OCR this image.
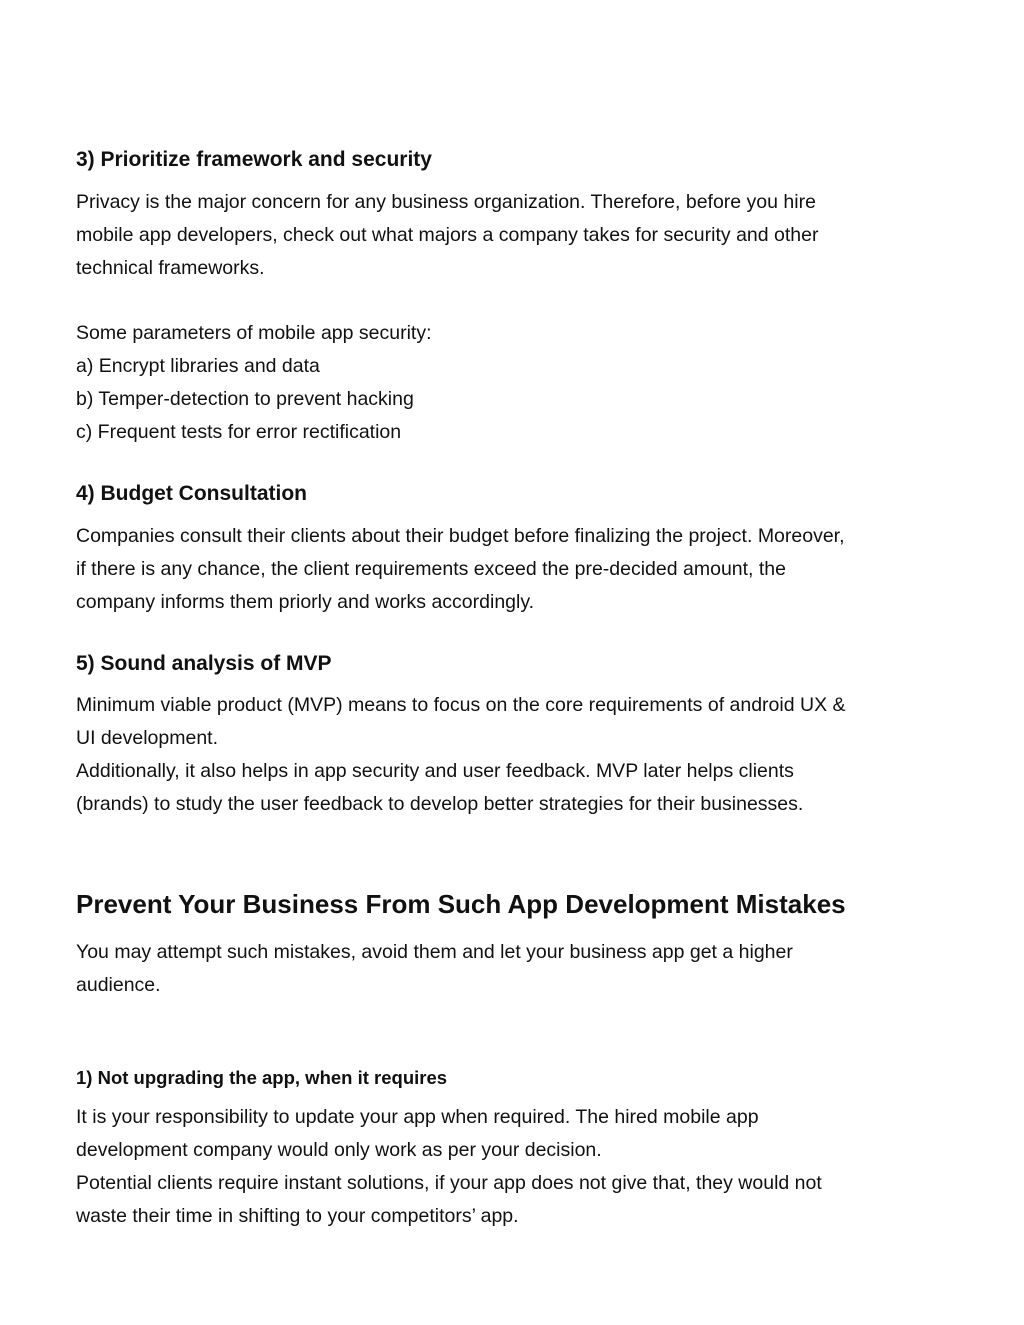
3) Prioritize framework and security

Privacy is the major concern for any business organization. Therefore, before you hire

mobile app developers, check out what majors a company takes for security and other

technical frameworks.

Some parameters of mobile app security:

a) Encrypt libraries and data

b) Temper-detection to prevent hacking

c) Frequent tests for error rectification

4) Budget Consultation

Companies consult their clients about their budget before finalizing the project. Moreover,

if there is any chance, the client requirements exceed the pre-decided amount, the

company informs them priorly and works accordingly.

5) Sound analysis of MVP

Minimum viable product (MVP) means to focus on the core requirements of android UX &

UI development.

Additionally, it also helps in app security and user feedback. MVP later helps clients

(brands) to study the user feedback to develop better strategies for their businesses.

Prevent Your Business From Such App Development Mistakes

You may attempt such mistakes, avoid them and let your business app get a higher

audience.

1) Not upgrading the app, when it requires

It is your responsibility to update your app when required. The hired mobile app

development company would only work as per your decision.

Potential clients require instant solutions, if your app does not give that, they would not

waste their time in shifting to your competitors’ app.
